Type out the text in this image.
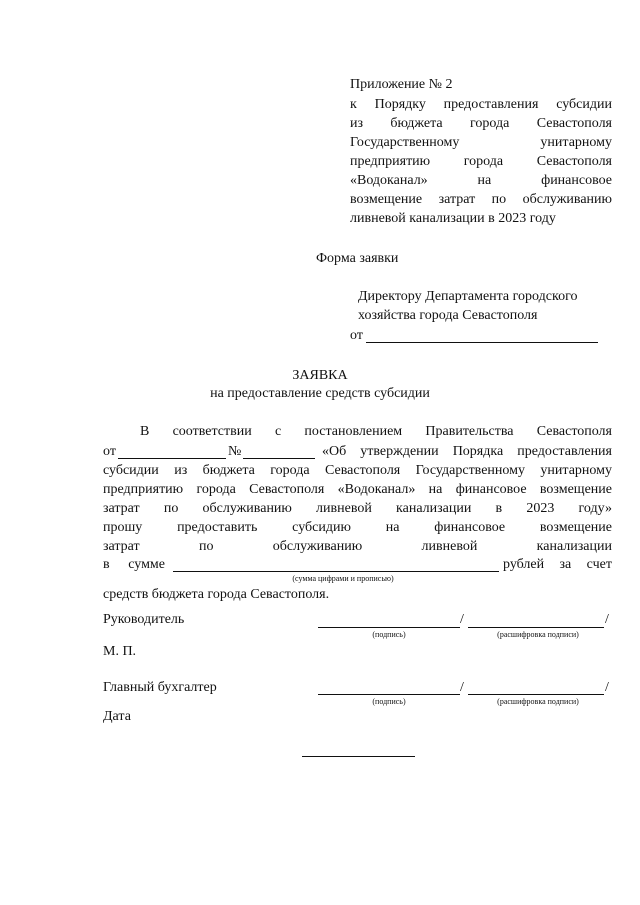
Приложение № 2
к Порядку предоставления субсидии
из бюджета города Севастополя
Государственному унитарному
предприятию города Севастополя
«Водоканал» на финансовое
возмещение затрат по обслуживанию
ливневой канализации в 2023 году
Форма заявки
Директору Департамента городского
хозяйства города Севастополя
от
ЗАЯВКА
на предоставление средств субсидии
В соответствии с постановлением Правительства Севастополя
от	№	«Об утверждении Порядка предоставления
субсидии из бюджета города Севастополя Государственному унитарному
предприятию города Севастополя «Водоканал» на финансовое возмещение
затрат по обслуживанию ливневой канализации в 2023 году»
прошу предоставить субсидию на финансовое возмещение
затрат по обслуживанию ливневой канализации
в сумме	рублей за счет
(сумма цифрами и прописью)
средств бюджета города Севастополя.
Руководитель	/	/
(подпись)	(расшифровка подписи)
М. П.
Главный бухгалтер	/	/
(подпись)	(расшифровка подписи)
Дата
